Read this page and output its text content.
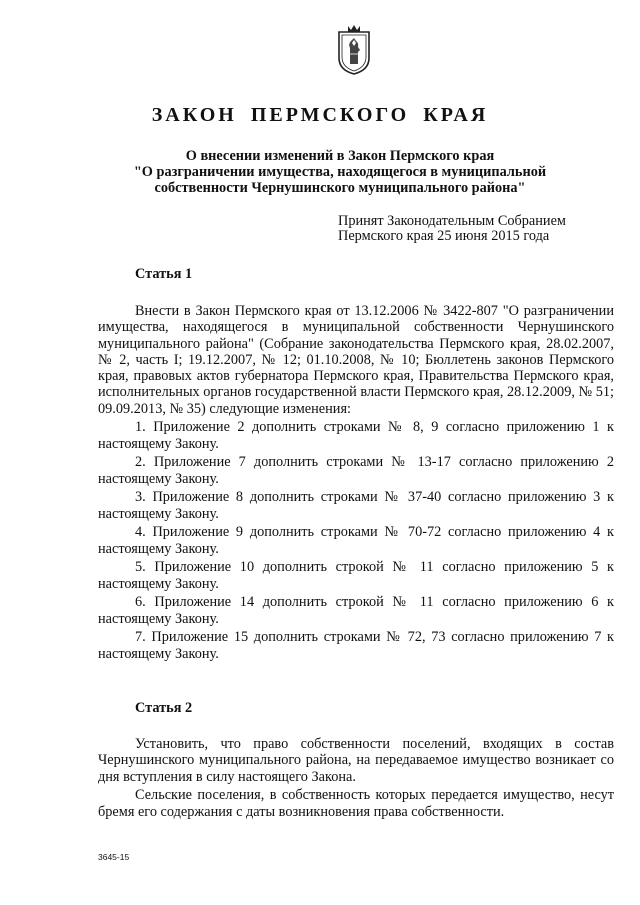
ЗАКОН ПЕРМСКОГО КРАЯ
О внесении изменений в Закон Пермского края
"О разграничении имущества, находящегося в муниципальной
собственности Чернушинского муниципального района"
Принят Законодательным Собранием
Пермского края 25 июня 2015 года
Статья 1

Внести в Закон Пермского края от 13.12.2006 № 3422-807 "О разграничении имущества, находящегося в муниципальной собственности Чернушинского муниципального района" (Собрание законодательства Пермского края, 28.02.2007, № 2, часть I; 19.12.2007, № 12; 01.10.2008, № 10; Бюллетень законов Пермского края, правовых актов губернатора Пермского края, Правительства Пермского края, исполнительных органов государственной власти Пермского края, 28.12.2009, № 51; 09.09.2013, № 35) следующие изменения:

1. Приложение 2 дополнить строками № 8, 9 согласно приложению 1 к настоящему Закону.

2. Приложение 7 дополнить строками № 13-17 согласно приложению 2 настоящему Закону.

3. Приложение 8 дополнить строками № 37-40 согласно приложению 3 к настоящему Закону.

4. Приложение 9 дополнить строками № 70-72 согласно приложению 4 к настоящему Закону.

5. Приложение 10 дополнить строкой № 11 согласно приложению 5 к настоящему Закону.

6. Приложение 14 дополнить строкой № 11 согласно приложению 6 к настоящему Закону.

7. Приложение 15 дополнить строками № 72, 73 согласно приложению 7 к настоящему Закону.

Статья 2

Установить, что право собственности поселений, входящих в состав Чернушинского муниципального района, на передаваемое имущество возникает со дня вступления в силу настоящего Закона.

Сельские поселения, в собственность которых передается имущество, несут бремя его содержания с даты возникновения права собственности.

3645-15
